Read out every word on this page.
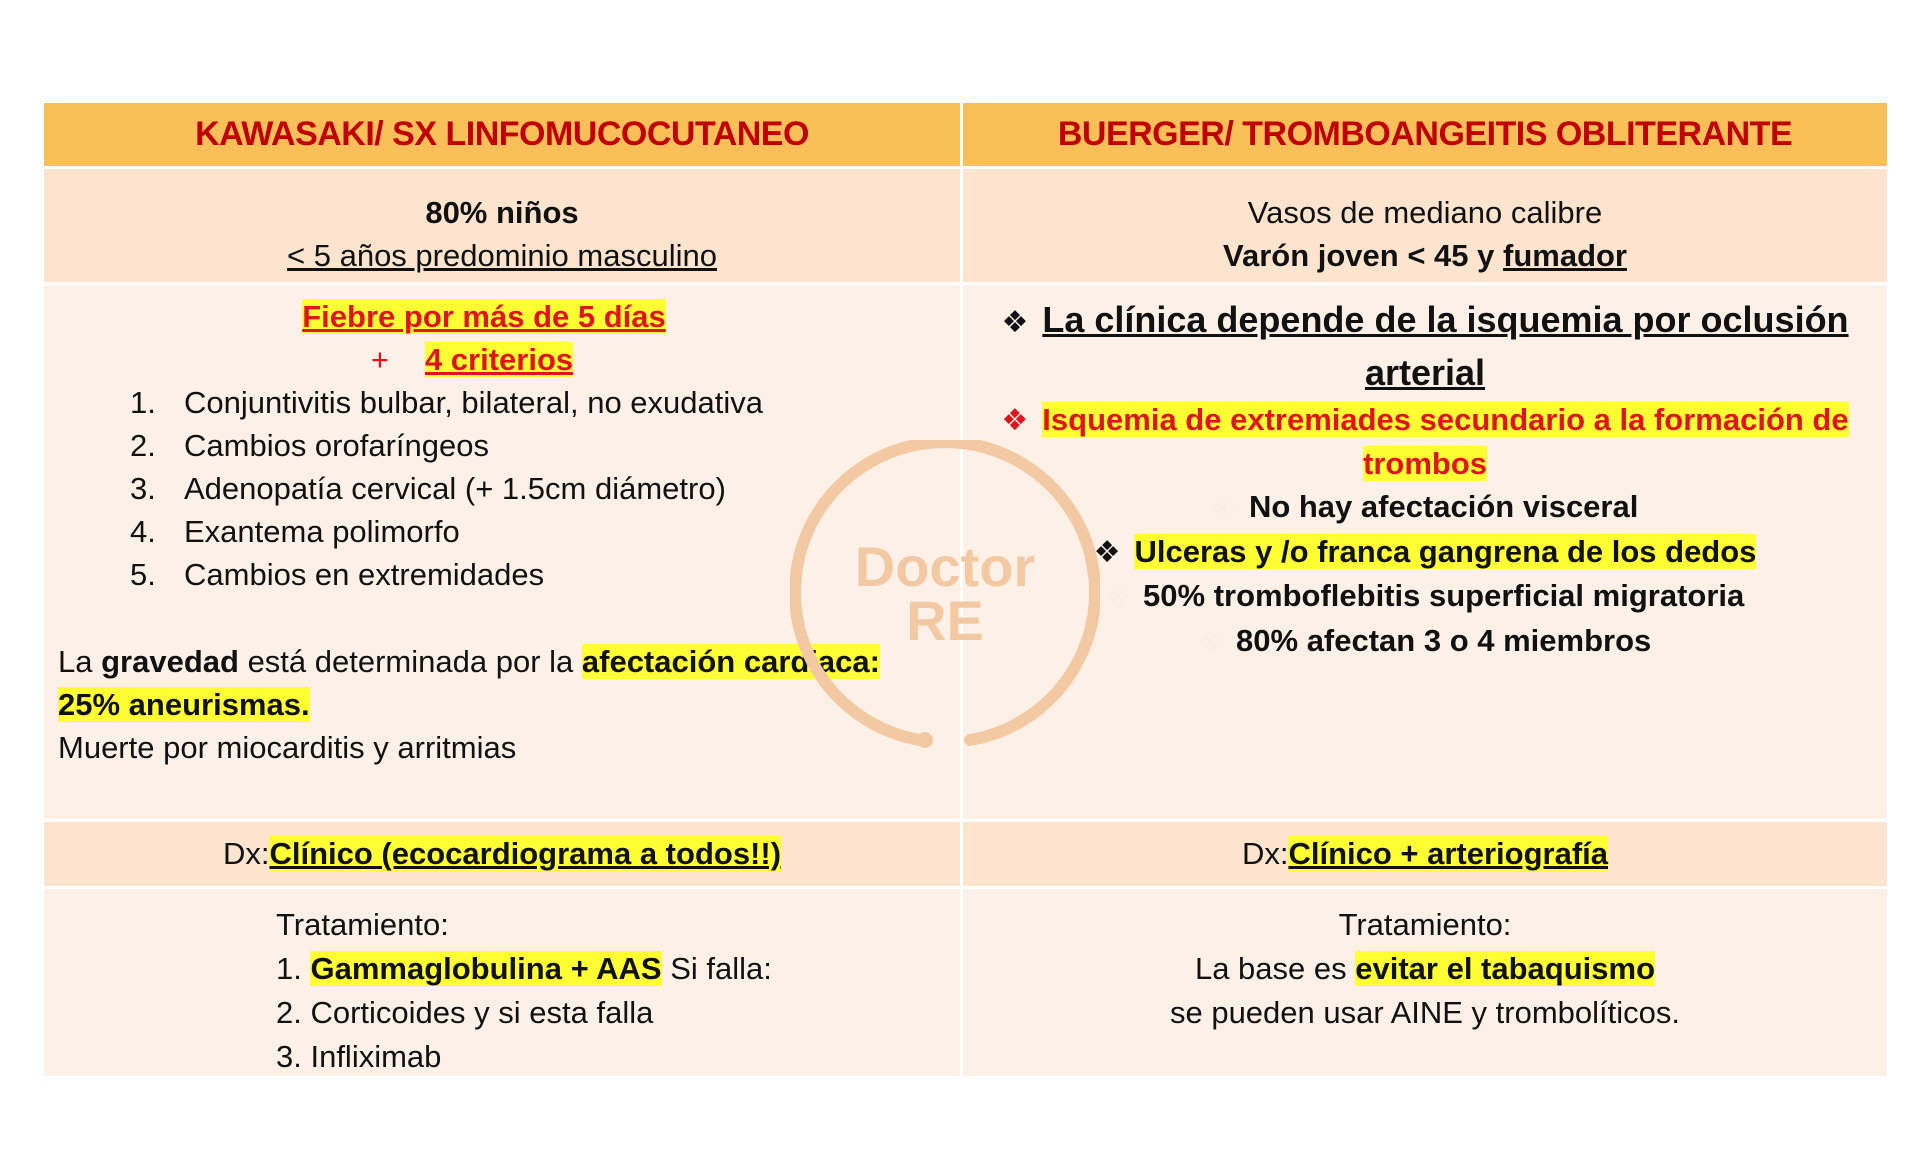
KAWASAKI/ SX LINFOMUCOCUTANEO	BUERGER/ TROMBOANGEITIS OBLITERANTE
80% niños
< 5 años predominio masculino
Vasos de mediano calibre
Varón joven < 45 y fumador
Fiebre por más de 5 días
+ 4 criterios
1. Conjuntivitis bulbar, bilateral, no exudativa
2. Cambios orofaríngeos
3. Adenopatía cervical (+ 1.5cm diámetro)
4. Exantema polimorfo
5. Cambios en extremidades
La gravedad está determinada por la afectación cardiaca:
25% aneurismas.
Muerte por miocarditis y arritmias
❖ La clínica depende de la isquemia por oclusión arterial
❖ Isquemia de extremiades secundario a la formación de trombos
❖ No hay afectación visceral
❖ Ulceras y /o franca gangrena de los dedos
❖ 50% tromboflebitis superficial migratoria
❖ 80% afectan 3 o 4 miembros
Dx: Clínico (ecocardiograma a todos!!)	Dx: Clínico + arteriografía
Tratamiento:
1. Gammaglobulina + AAS Si falla:
2. Corticoides y si esta falla
3. Infliximab
Tratamiento:
La base es evitar el tabaquismo
se pueden usar AINE y trombolíticos.
Doctor
RE
